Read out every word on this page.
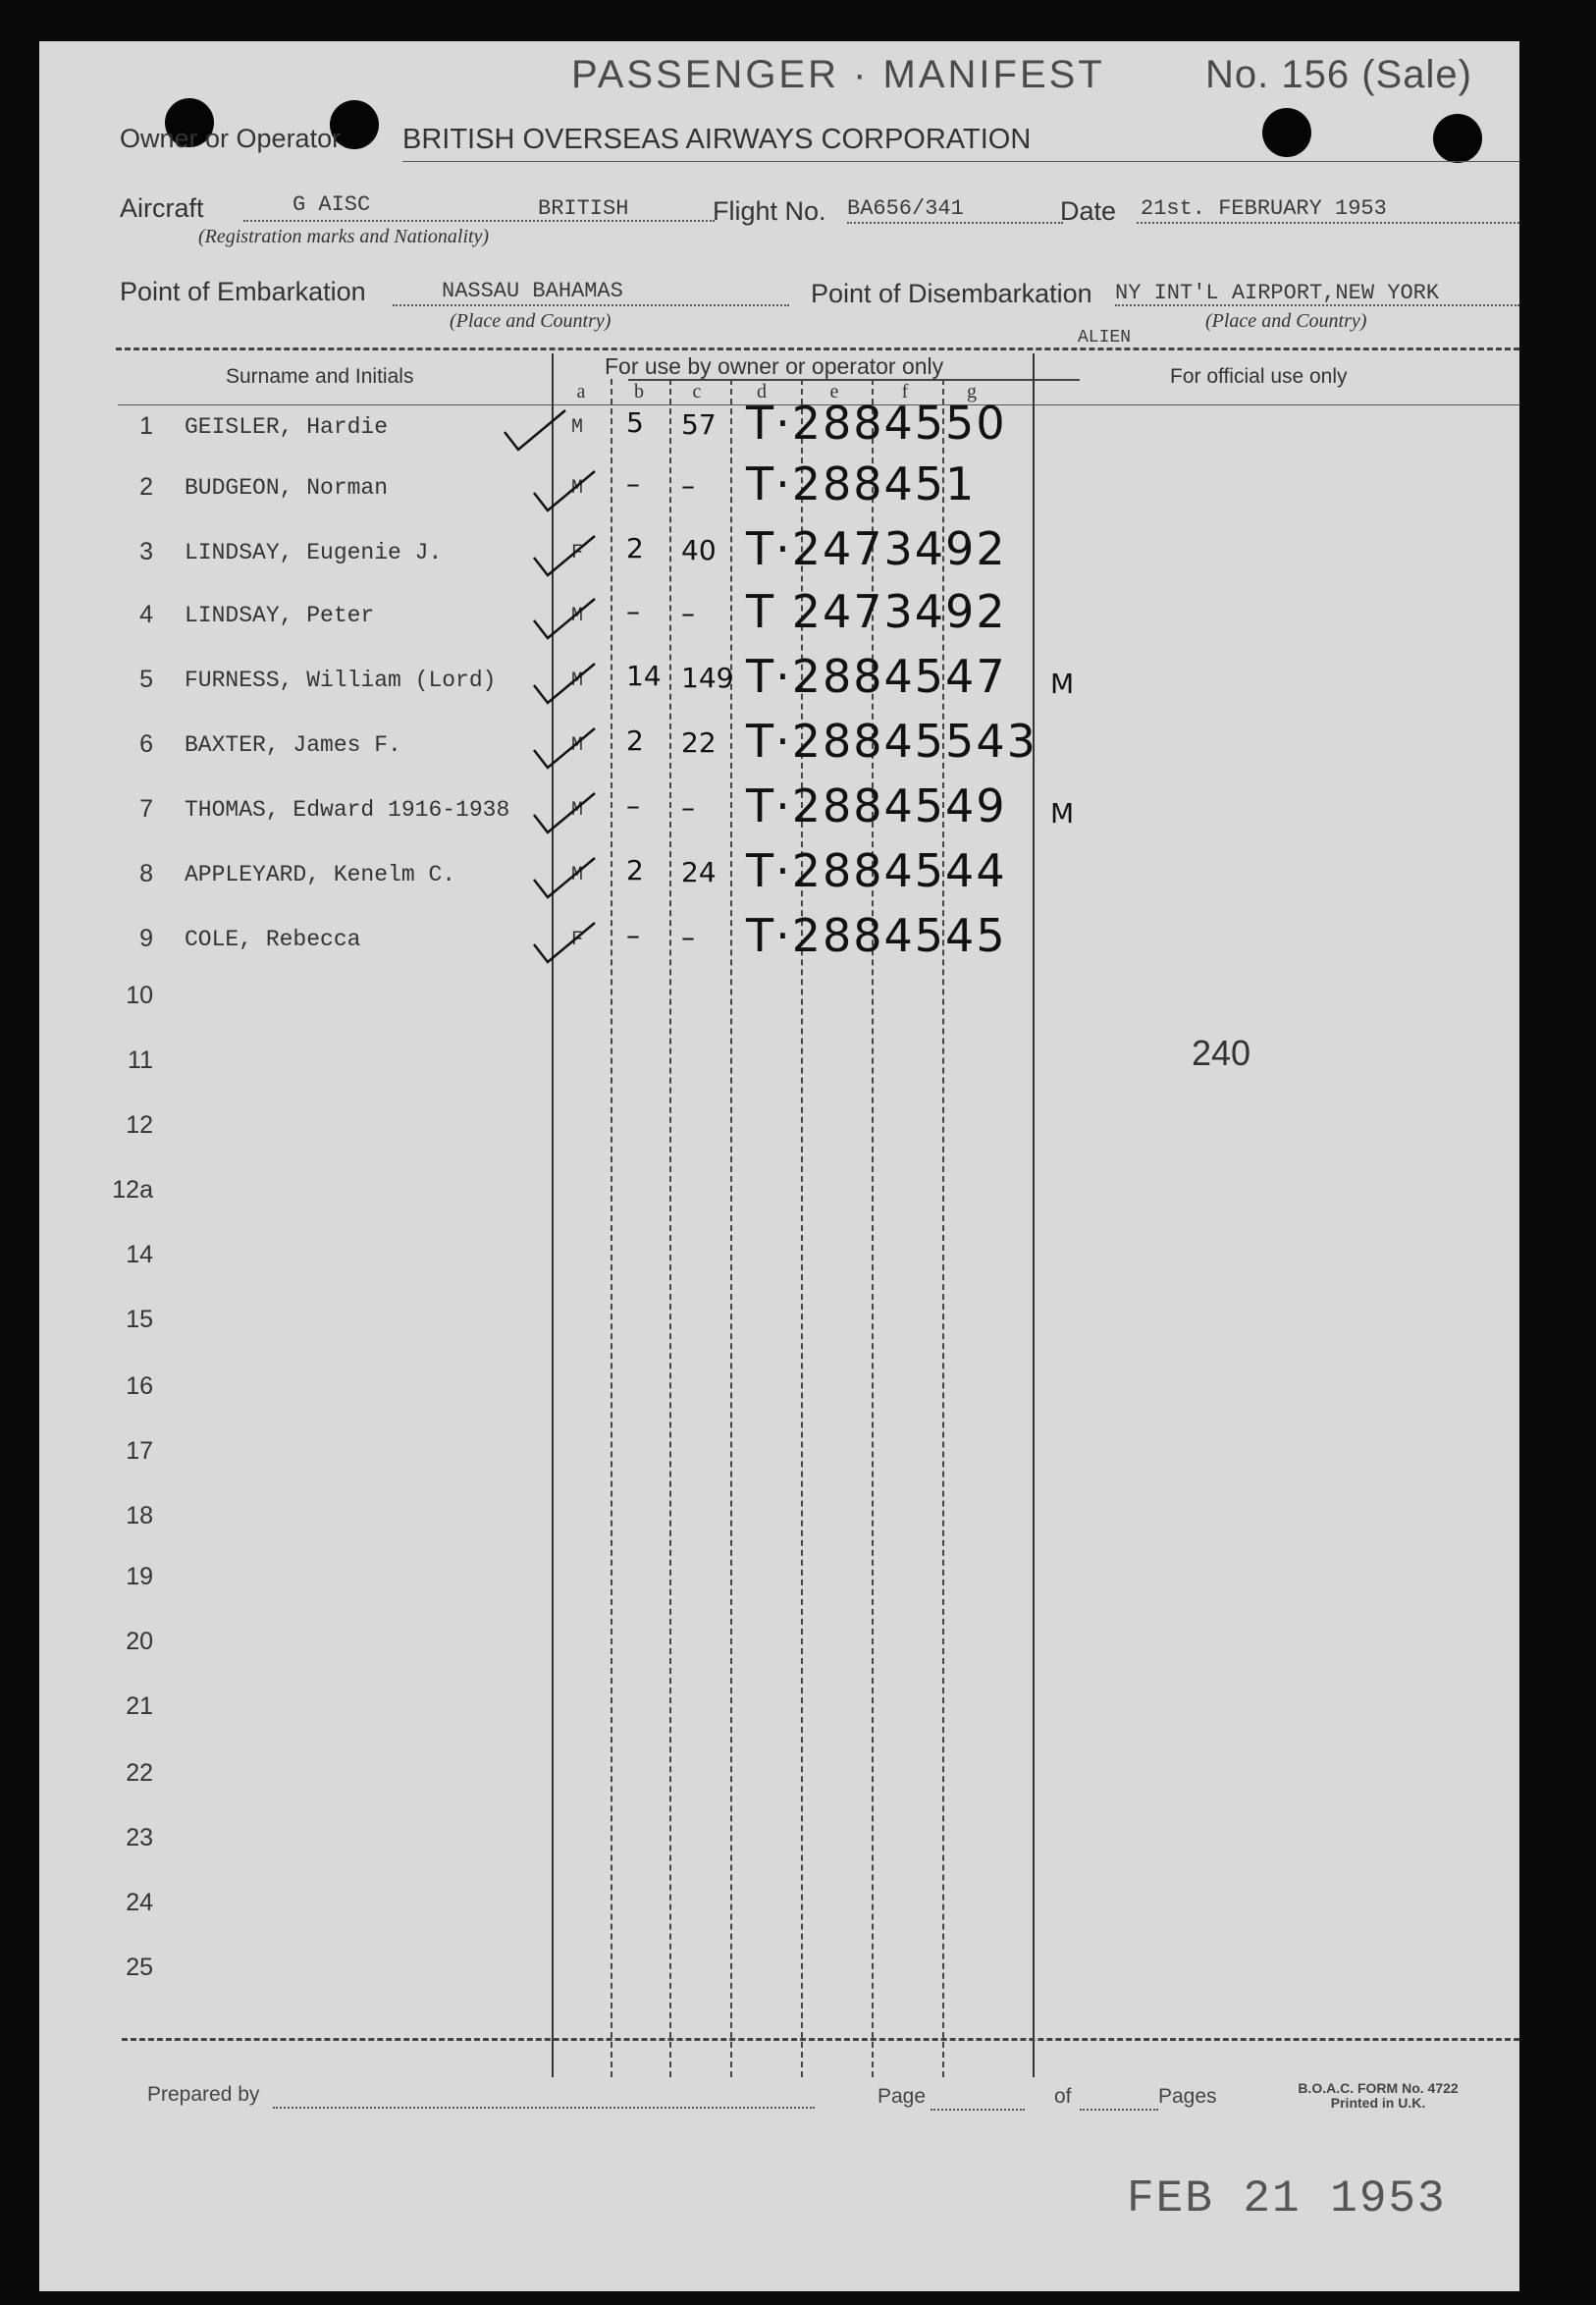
PASSENGER · MANIFEST	No. 156 (Sale)
Owner or Operator BRITISH OVERSEAS AIRWAYS CORPORATION
Aircraft	G AISC	BRITISH
(Registration marks and Nationality)
Flight No. BA656/341	Date 21st. FEBRUARY 1953
Point of Embarkation	NASSAU BAHAMAS
(Place and Country)
Point of Disembarkation NY INT'L AIRPORT,NEW YORK
(Place and Country)
ALIEN
Surname and Initials	For use by owner or operator only	For official use only
a	b	c	d	e	f	g
1 GEISLER, Hardie	M 5 57 T·2884550
2 BUDGEON, Norman	M – – T·288451
3 LINDSAY, Eugenie J.	F 2 40 T·2473492
4 LINDSAY, Peter	M – – T 2473492
5 FURNESS, William (Lord)	M 14 149 T·2884547 M
6 BAXTER, James F.	M 2 22 T·28845543
7 THOMAS, Edward 1916-1938	M – – T·2884549 M
8 APPLEYARD, Kenelm C.	M 2 24 T·2884544
9 COLE, Rebecca	F – – T·2884545
10
11
12
12a
14
15
16
17
18
19
20
21
22
23
24
25
240
Prepared by	Page	of	Pages	B.O.A.C. FORM No. 4722
Printed in U.K.
FEB 21 1953
